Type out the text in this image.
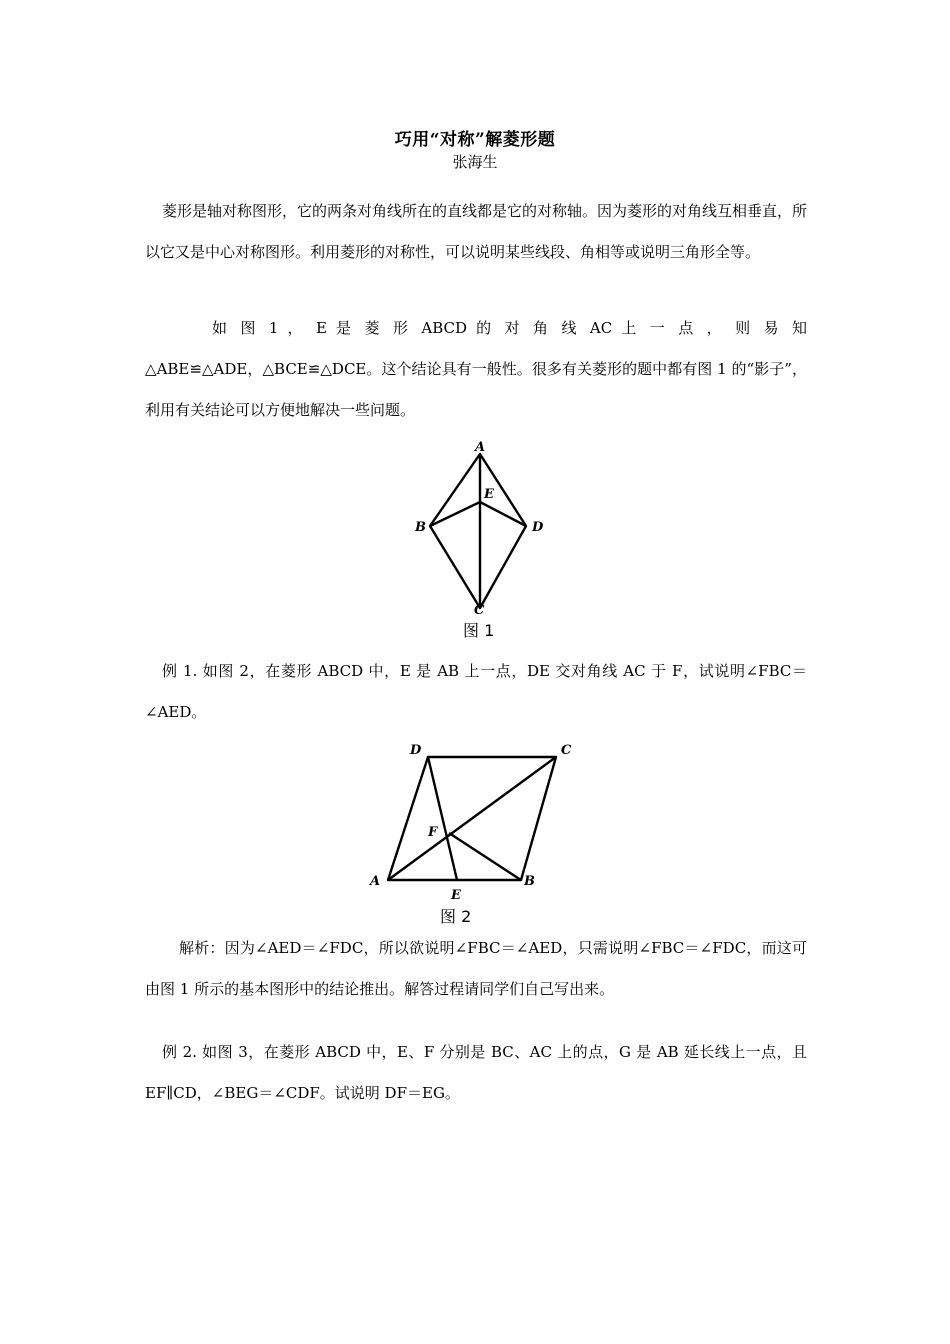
巧用“对称”解菱形题
张海生

菱形是轴对称图形，它的两条对角线所在的直线都是它的对称轴。因为菱形的对角线互相垂直，所以它又是中心对称图形。利用菱形的对称性，可以说明某些线段、角相等或说明三角形全等。

如 图 1 ， E 是 菱 形 ABCD 的 对 角 线 AC 上 一 点 ， 则 易 知
△ABE≌△ADE，△BCE≌△DCE。这个结论具有一般性。很多有关菱形的题中都有图 1 的“影子”，利用有关结论可以方便地解决一些问题。
A
B
C
D
E
图 1

例 1. 如图 2，在菱形 ABCD 中，E 是 AB 上一点，DE 交对角线 AC 于 F，试说明∠FBC＝∠AED。

D	C
A	B
E
F
图 2

解析：因为∠AED＝∠FDC，所以欲说明∠FBC＝∠AED，只需说明∠FBC＝∠FDC，而这可由图 1 所示的基本图形中的结论推出。解答过程请同学们自己写出来。

例 2. 如图 3，在菱形 ABCD 中，E、F 分别是 BC、AC 上的点，G 是 AB 延长线上一点，且 EF∥CD，∠BEG＝∠CDF。试说明 DF＝EG。
